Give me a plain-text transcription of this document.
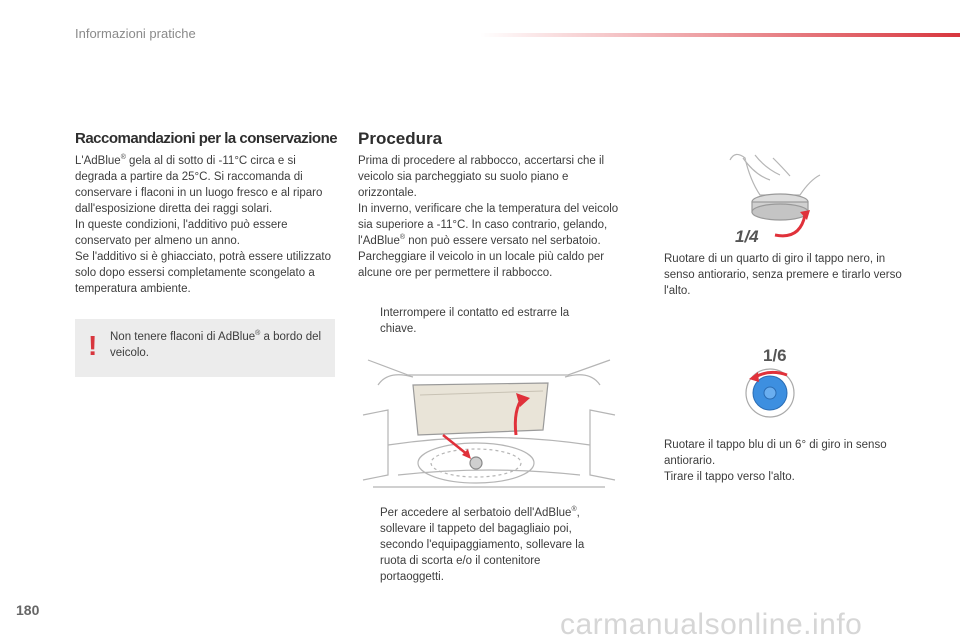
Informazioni pratiche
Raccomandazioni per la conservazione
L'AdBlue® gela al di sotto di -11°C circa e si degrada a partire da 25°C. Si raccomanda di conservare i flaconi in un luogo fresco e al riparo dall'esposizione diretta dei raggi solari.
In queste condizioni, l'additivo può essere conservato per almeno un anno.
Se l'additivo si è ghiacciato, potrà essere utilizzato solo dopo essersi completamente scongelato a temperatura ambiente.
! Non tenere flaconi di AdBlue® a bordo del veicolo.
Procedura
Prima di procedere al rabbocco, accertarsi che il veicolo sia parcheggiato su suolo piano e orizzontale.
In inverno, verificare che la temperatura del veicolo sia superiore a -11°C. In caso contrario, gelando, l'AdBlue® non può essere versato nel serbatoio. Parcheggiare il veicolo in un locale più caldo per alcune ore per permettere il rabbocco.
Interrompere il contatto ed estrarre la chiave.
Per accedere al serbatoio dell'AdBlue®, sollevare il tappeto del bagagliaio poi, secondo l'equipaggiamento, sollevare la ruota di scorta e/o il contenitore portaoggetti.
1/4
Ruotare di un quarto di giro il tappo nero, in senso antiorario, senza premere e tirarlo verso l'alto.
1/6
Ruotare il tappo blu di un 6° di giro in senso antiorario.
Tirare il tappo verso l'alto.
180	carmanualsonline.info
